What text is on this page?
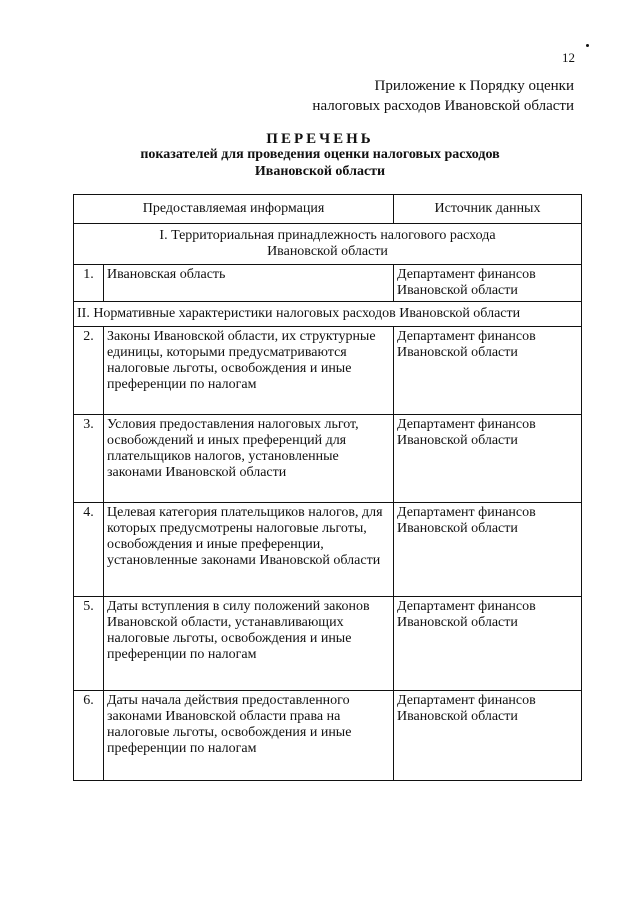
12
Приложение к Порядку оценки
налоговых расходов Ивановской области
ПЕРЕЧЕНЬ
показателей для проведения оценки налоговых расходов
Ивановской области
Предоставляемая информация		Источник данных
I. Территориальная принадлежность налогового расхода Ивановской области		
1.	Ивановская область	Департамент финансов Ивановской области
II. Нормативные характеристики налоговых расходов Ивановской области		
2.	Законы Ивановской области, их структурные единицы, которыми предусматриваются налоговые льготы, освобождения и иные преференции по налогам	Департамент финансов Ивановской области
3.	Условия предоставления налоговых льгот, освобождений и иных преференций для плательщиков налогов, установленные законами Ивановской области	Департамент финансов Ивановской области
4.	Целевая категория плательщиков налогов, для которых предусмотрены налоговые льготы, освобождения и иные преференции, установленные законами Ивановской области	Департамент финансов Ивановской области
5.	Даты вступления в силу положений законов Ивановской области, устанавливающих налоговые льготы, освобождения и иные преференции по налогам	Департамент финансов Ивановской области
6.	Даты начала действия предоставленного законами Ивановской области права на налоговые льготы, освобождения и иные преференции по налогам	Департамент финансов Ивановской области
